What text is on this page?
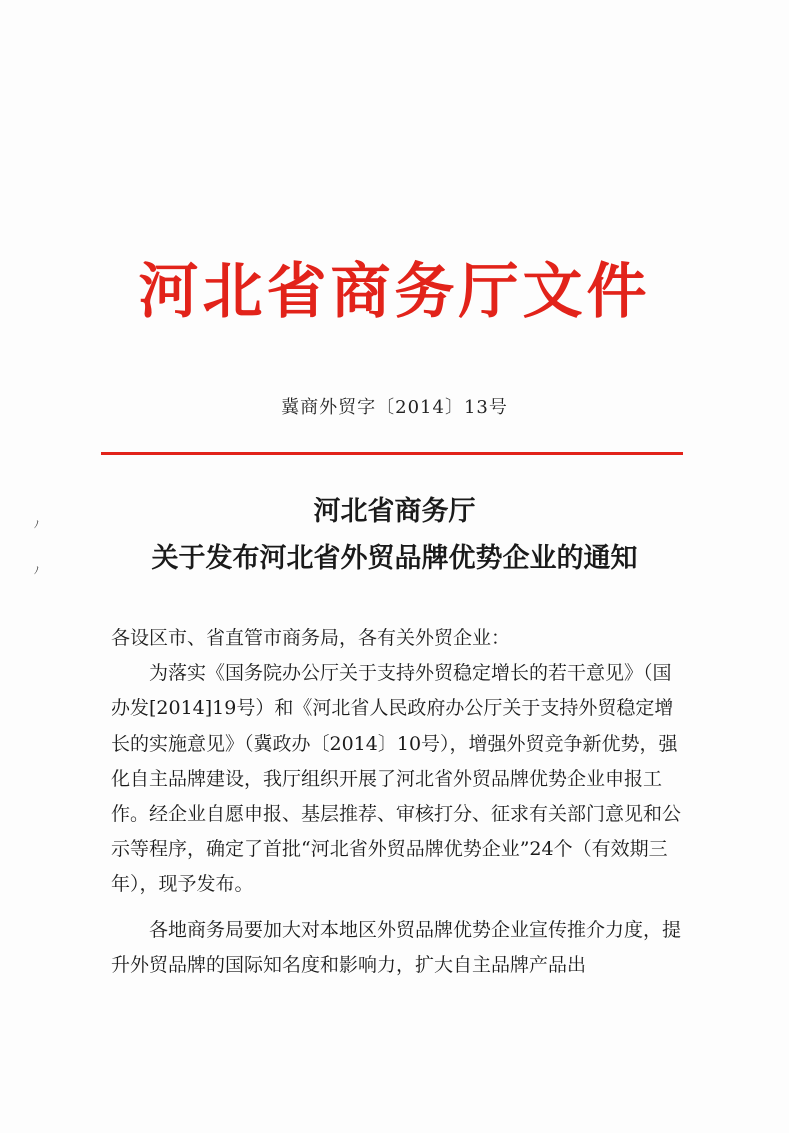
河北省商务厅文件
冀商外贸字〔2014〕13号
ﾉ
ﾉ
河北省商务厅
关于发布河北省外贸品牌优势企业的通知

各设区市、省直管市商务局，各有关外贸企业：

为落实《国务院办公厅关于支持外贸稳定增长的若干意见》（国办发[2014]19号）和《河北省人民政府办公厅关于支持外贸稳定增长的实施意见》（冀政办〔2014〕10号），增强外贸竞争新优势，强化自主品牌建设，我厅组织开展了河北省外贸品牌优势企业申报工作。经企业自愿申报、基层推荐、审核打分、征求有关部门意见和公示等程序，确定了首批“河北省外贸品牌优势企业”24个（有效期三年），现予发布。

各地商务局要加大对本地区外贸品牌优势企业宣传推介力度，提升外贸品牌的国际知名度和影响力，扩大自主品牌产品出
